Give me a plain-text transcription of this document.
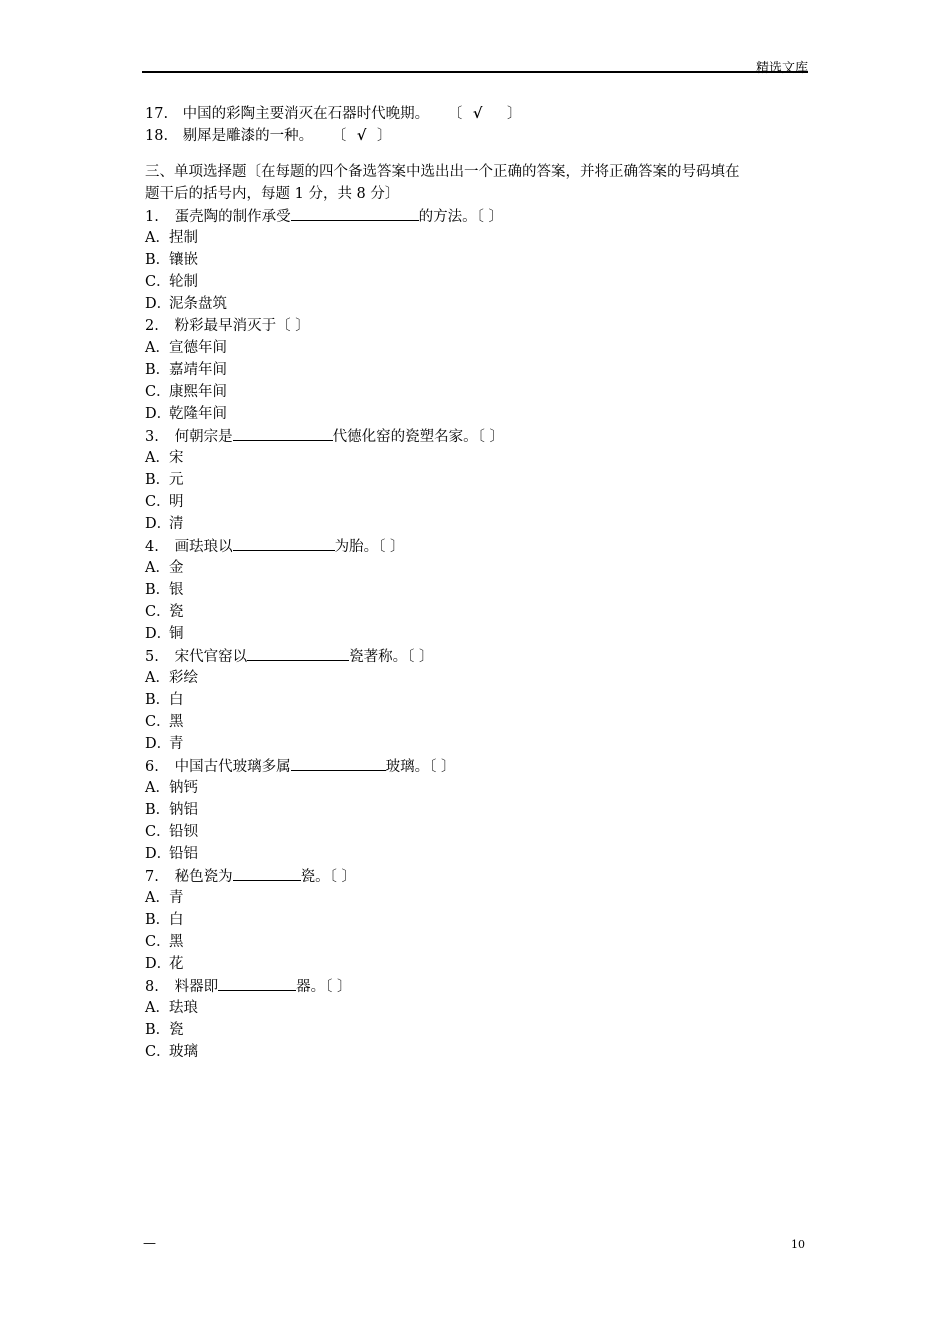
精选文库
17. 中国的彩陶主要消灭在石器时代晚期。 〔 √ 〕
18. 剔犀是雕漆的一种。 〔 √ 〕
三、单项选择题〔在每题的四个备选答案中选出出一个正确的答案，并将正确答案的号码填在
题干后的括号内，每题 1 分，共 8 分〕
1. 蛋壳陶的制作承受	的方法。〔 〕
A．捏制
B．镶嵌
C．轮制
D．泥条盘筑
2. 粉彩最早消灭于〔 〕
A．宣德年间
B．嘉靖年间
C．康熙年间
D．乾隆年间
3. 何朝宗是	代德化窑的瓷塑名家。〔 〕
A．宋
B．元
C．明
D．清
4. 画珐琅以	为胎。〔 〕
A．金
B．银
C．瓷
D．铜
5. 宋代官窑以	瓷著称。〔 〕
A．彩绘
B．白
C．黑
D．青
6. 中国古代玻璃多属	玻璃。〔 〕
A．钠钙
B．钠铝
C．铅钡
D．铅铝
7. 秘色瓷为	瓷。〔 〕
A．青
B．白
C．黑
D．花
8. 料器即	器。〔 〕
A．珐琅
B．瓷
C．玻璃
—	10
